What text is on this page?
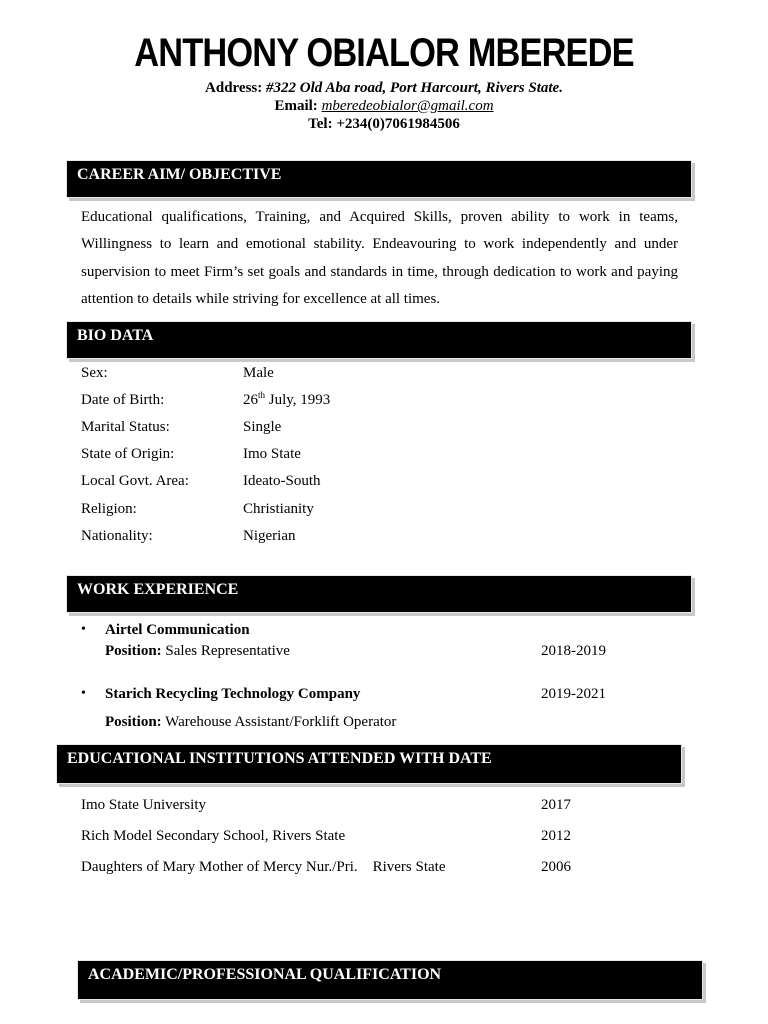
ANTHONY OBIALOR MBEREDE
Address: #322 Old Aba road, Port Harcourt, Rivers State.
Email: mberedeobialor@gmail.com
Tel: +234(0)7061984506
CAREER AIM/ OBJECTIVE
Educational qualifications, Training, and Acquired Skills, proven ability to work in teams, Willingness to learn and emotional stability. Endeavouring to work independently and under supervision to meet Firm’s set goals and standards in time, through dedication to work and paying attention to details while striving for excellence at all times.
BIO DATA
Sex:	Male
Date of Birth:	26th July, 1993
Marital Status:	Single
State of Origin:	Imo State
Local Govt. Area:	Ideato-South
Religion:	Christianity
Nationality:	Nigerian
WORK EXPERIENCE
• Airtel Communication
Position: Sales Representative	2018-2019
• Starich Recycling Technology Company	2019-2021
Position: Warehouse Assistant/Forklift Operator
EDUCATIONAL INSTITUTIONS ATTENDED WITH DATE
Imo State University	2017
Rich Model Secondary School, Rivers State	2012
Daughters of Mary Mother of Mercy Nur./Pri.    Rivers State	2006
ACADEMIC/PROFESSIONAL QUALIFICATION
